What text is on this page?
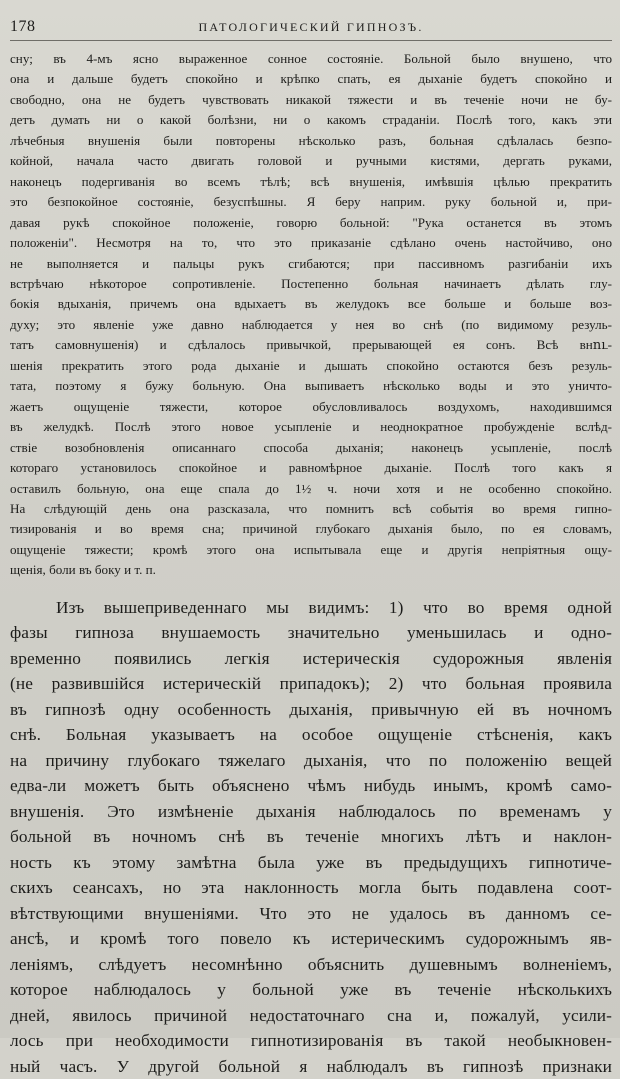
178	ПАТОЛОГИЧЕСКИЙ ГИПНОЗЪ.
сну; въ 4-мъ ясно выраженное сонное состояніе. Больной было внушено, что
она и дальше будетъ спокойно и крѣпко спать, ея дыханіе будетъ спокойно и
свободно, она не будетъ чувствовать никакой тяжести и въ теченіе ночи не бу-
детъ думать ни о какой болѣзни, ни о какомъ страданіи. Послѣ того, какъ эти
лѣчебныя внушенія были повторены нѣсколько разъ, больная сдѣлалась безпо-
койной, начала часто двигать головой и ручными кистями, дергать руками,
наконецъ подергиванія во всемъ тѣлѣ; всѣ внушенія, имѣвшія цѣлью прекратить
это безпокойное состояніе, безуспѣшны. Я беру наприм. руку больной и, при-
давая рукѣ спокойное положеніе, говорю больной: "Рука останется въ этомъ
положеніи". Несмотря на то, что это приказаніе сдѣлано очень настойчиво, оно
не выполняется и пальцы рукъ сгибаются; при пассивномъ разгибаніи ихъ
встрѣчаю нѣкоторое сопротивленіе. Постепенно больная начинаетъ дѣлать глу-
бокія вдыханія, причемъ она вдыхаетъ въ желудокъ все больше и больше воз-
духу; это явленіе уже давно наблюдается у нея во снѣ (по видимому резуль-
татъ самовнушенія) и сдѣлалось привычкой, прерывающей ея сонъ. Всѣ внու-
шенія прекратить этого рода дыханіе и дышать спокойно остаются безъ резуль-
тата, поэтому я бужу больную. Она выпиваетъ нѣсколько воды и это уничто-
жаетъ ощущеніе тяжести, которое обусловливалось воздухомъ, находившимся
въ желудкѣ. Послѣ этого новое усыпленіе и неоднократное пробужденіе вслѣд-
ствіе возобновленія описаннаго способа дыханія; наконецъ усыпленіе, послѣ
котораго установилось спокойное и равномѣрное дыханіе. Послѣ того какъ я
оставилъ больную, она еще спала до 1½ ч. ночи хотя и не особенно спокойно.
На слѣдующій день она разсказала, что помнитъ всѣ событія во время гипно-
тизированія и во время сна; причиной глубокаго дыханія было, по ея словамъ,
ощущеніе тяжести; кромѣ этого она испытывала еще и другія непріятныя ощу-
щенія, боли въ боку и т. п.
Изъ вышеприведеннаго мы видимъ: 1) что во время одной
фазы гипноза внушаемость значительно уменьшилась и одно-
временно появились легкія истерическія судорожныя явленія
(не развившійся истерическій припадокъ); 2) что больная проявила
въ гипнозѣ одну особенность дыханія, привычную ей въ ночномъ
снѣ. Больная указываетъ на особое ощущеніе стѣсненія, какъ
на причину глубокаго тяжелаго дыханія, что по положенію вещей
едва-ли можетъ быть объяснено чѣмъ нибудь инымъ, кромѣ само-
внушенія. Это измѣненіе дыханія наблюдалось по временамъ у
больной въ ночномъ снѣ въ теченіе многихъ лѣтъ и наклон-
ность къ этому замѣтна была уже въ предыдущихъ гипнотиче-
скихъ сеансахъ, но эта наклонность могла быть подавлена соот-
вѣтствующими внушеніями. Что это не удалось въ данномъ се-
ансѣ, и кромѣ того повело къ истерическимъ судорожнымъ яв-
леніямъ, слѣдуетъ несомнѣнно объяснить душевнымъ волненіемъ,
которое наблюдалось у больной уже въ теченіе нѣсколькихъ
дней, явилось причиной недостаточнаго сна и, пожалуй, усили-
лось при необходимости гипнотизированія въ такой необыкновен-
ный часъ. У другой больной я наблюдалъ въ гипнозѣ признаки
